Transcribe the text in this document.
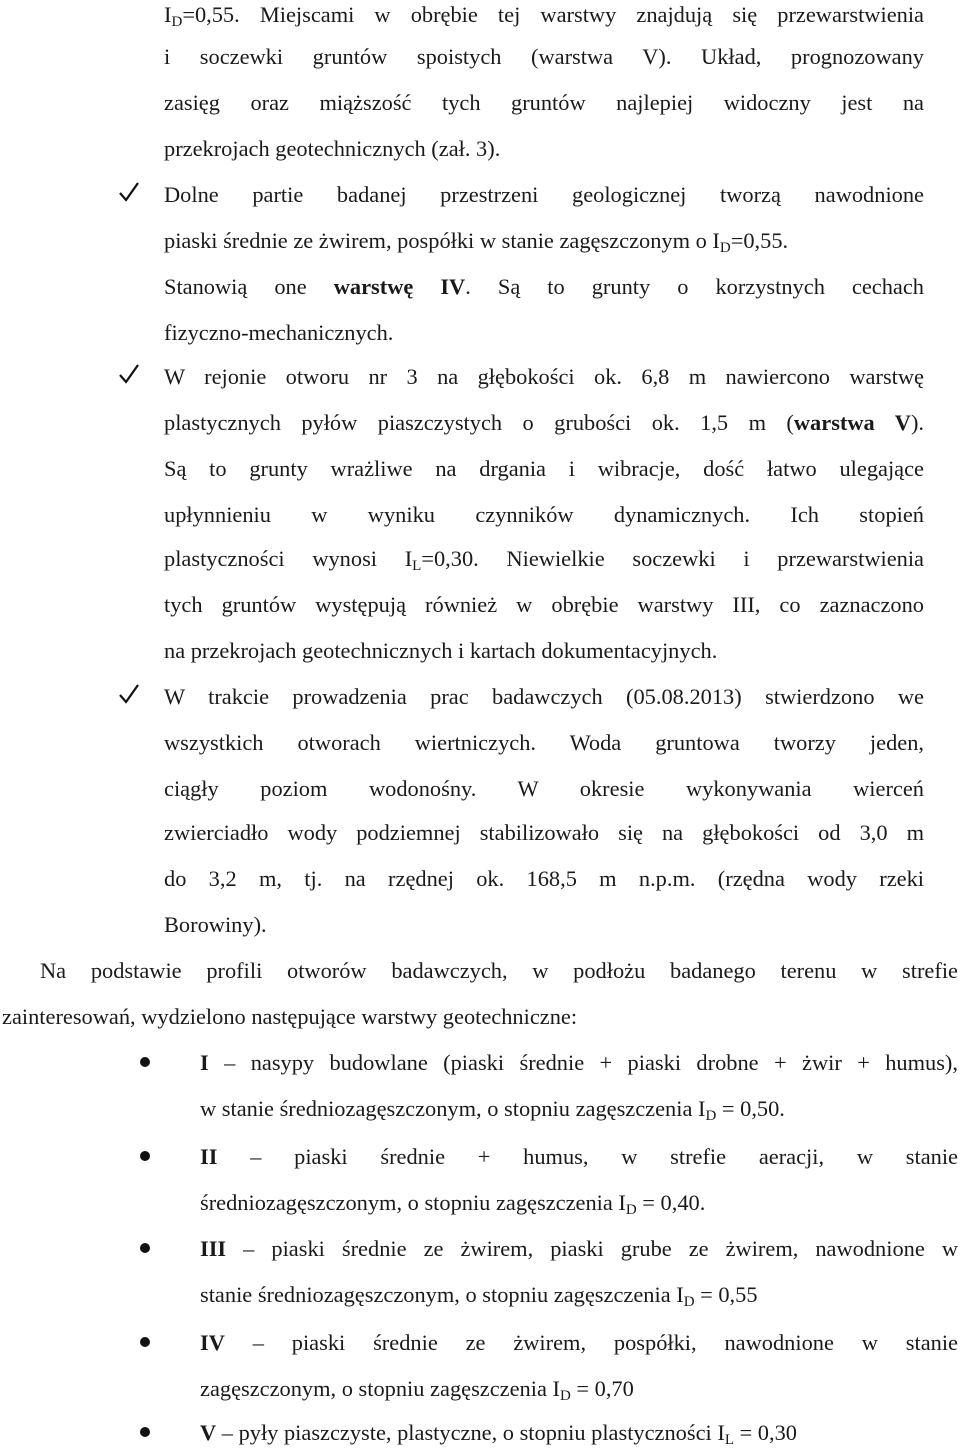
ID=0,55. Miejscami w obrębie tej warstwy znajdują się przewarstwienia

i soczewki gruntów spoistych (warstwa V). Układ, prognozowany

zasięg oraz miąższość tych gruntów najlepiej widoczny jest na

przekrojach geotechnicznych (zał. 3).

Dolne partie badanej przestrzeni geologicznej tworzą nawodnione

piaski średnie ze żwirem, pospółki w stanie zagęszczonym o ID=0,55.

Stanowią one warstwę IV. Są to grunty o korzystnych cechach

fizyczno-mechanicznych.

W rejonie otworu nr 3 na głębokości ok. 6,8 m nawiercono warstwę

plastycznych pyłów piaszczystych o grubości ok. 1,5 m (warstwa V).

Są to grunty wrażliwe na drgania i wibracje, dość łatwo ulegające

upłynnieniu w wyniku czynników dynamicznych. Ich stopień

plastyczności wynosi IL=0,30. Niewielkie soczewki i przewarstwienia

tych gruntów występują również w obrębie warstwy III, co zaznaczono

na przekrojach geotechnicznych i kartach dokumentacyjnych.

W trakcie prowadzenia prac badawczych (05.08.2013) stwierdzono we

wszystkich otworach wiertniczych. Woda gruntowa tworzy jeden,

ciągły poziom wodonośny. W okresie wykonywania wierceń

zwierciadło wody podziemnej stabilizowało się na głębokości od 3,0 m

do 3,2 m, tj. na rzędnej ok. 168,5 m n.p.m. (rzędna wody rzeki

Borowiny).

Na podstawie profili otworów badawczych, w podłożu badanego terenu w strefie

zainteresowań, wydzielono następujące warstwy geotechniczne:

I – nasypy budowlane (piaski średnie + piaski drobne + żwir + humus),

w stanie średniozagęszczonym, o stopniu zagęszczenia ID = 0,50.

II – piaski średnie + humus, w strefie aeracji, w stanie

średniozagęszczonym, o stopniu zagęszczenia ID = 0,40.

III – piaski średnie ze żwirem, piaski grube ze żwirem, nawodnione w

stanie średniozagęszczonym, o stopniu zagęszczenia ID = 0,55

IV – piaski średnie ze żwirem, pospółki, nawodnione w stanie

zagęszczonym, o stopniu zagęszczenia ID = 0,70

V – pyły piaszczyste, plastyczne, o stopniu plastyczności IL = 0,30
